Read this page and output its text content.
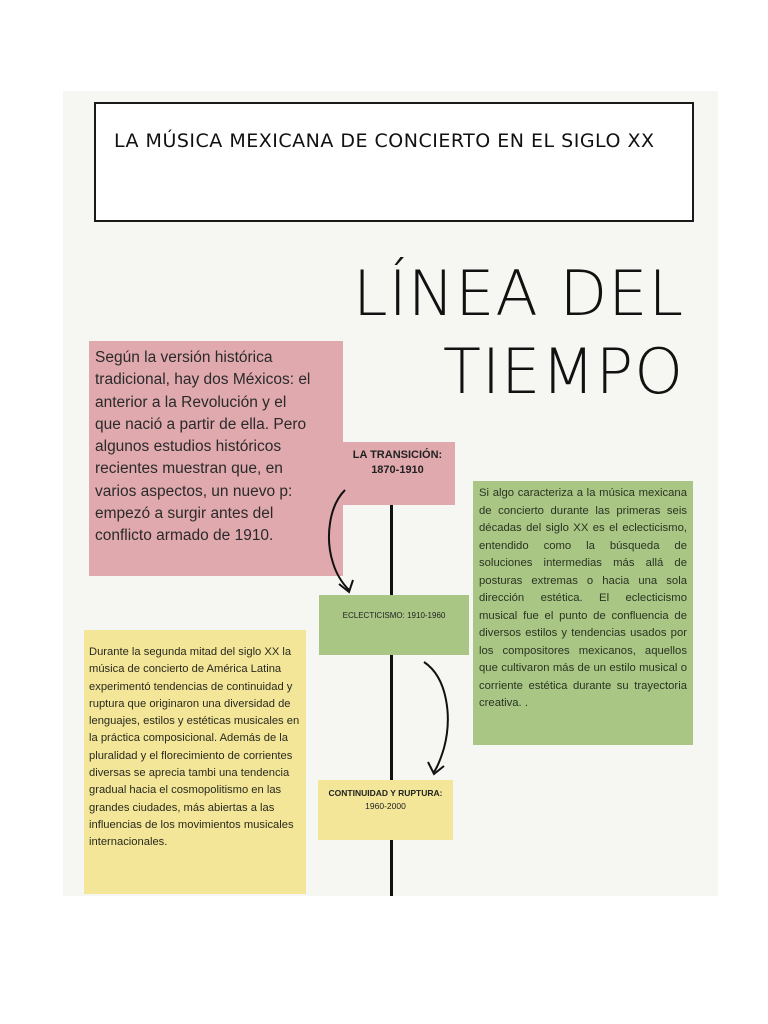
LA MÚSICA MEXICANA DE CONCIERTO EN EL SIGLO XX
LÍNEA DEL
TIEMPO
Según la versión histórica tradicional, hay dos Méxicos: el anterior a la Revolución y el que nació a partir de ella. Pero algunos estudios históricos recientes muestran que, en varios aspectos, un nuevo p: empezó a surgir antes del conflicto armado de 1910.
LA TRANSICIÓN:
1870-1910
ECLECTICISMO: 1910-1960
Si algo caracteriza a la música mexicana de concierto durante las primeras seis décadas del siglo XX es el eclecticismo, entendido como la búsqueda de soluciones intermedias más allá de posturas extremas o hacia una sola dirección estética. El eclecticismo musical fue el punto de confluencia de diversos estilos y tendencias usados por los compositores mexicanos, aquellos que cultivaron más de un estilo musical o corriente estética durante su trayectoria creativa. .
Durante la segunda mitad del siglo XX la música de concierto de América Latina experimentó tendencias de continuidad y ruptura que originaron una diversidad de lenguajes, estilos y estéticas musicales en la práctica composicional. Además de la pluralidad y el florecimiento de corrientes diversas se aprecia tambi una tendencia gradual hacia el cosmopolitismo en las grandes ciudades, más abiertas a las influencias de los movimientos musicales internacionales.
CONTINUIDAD Y RUPTURA:
1960-2000
